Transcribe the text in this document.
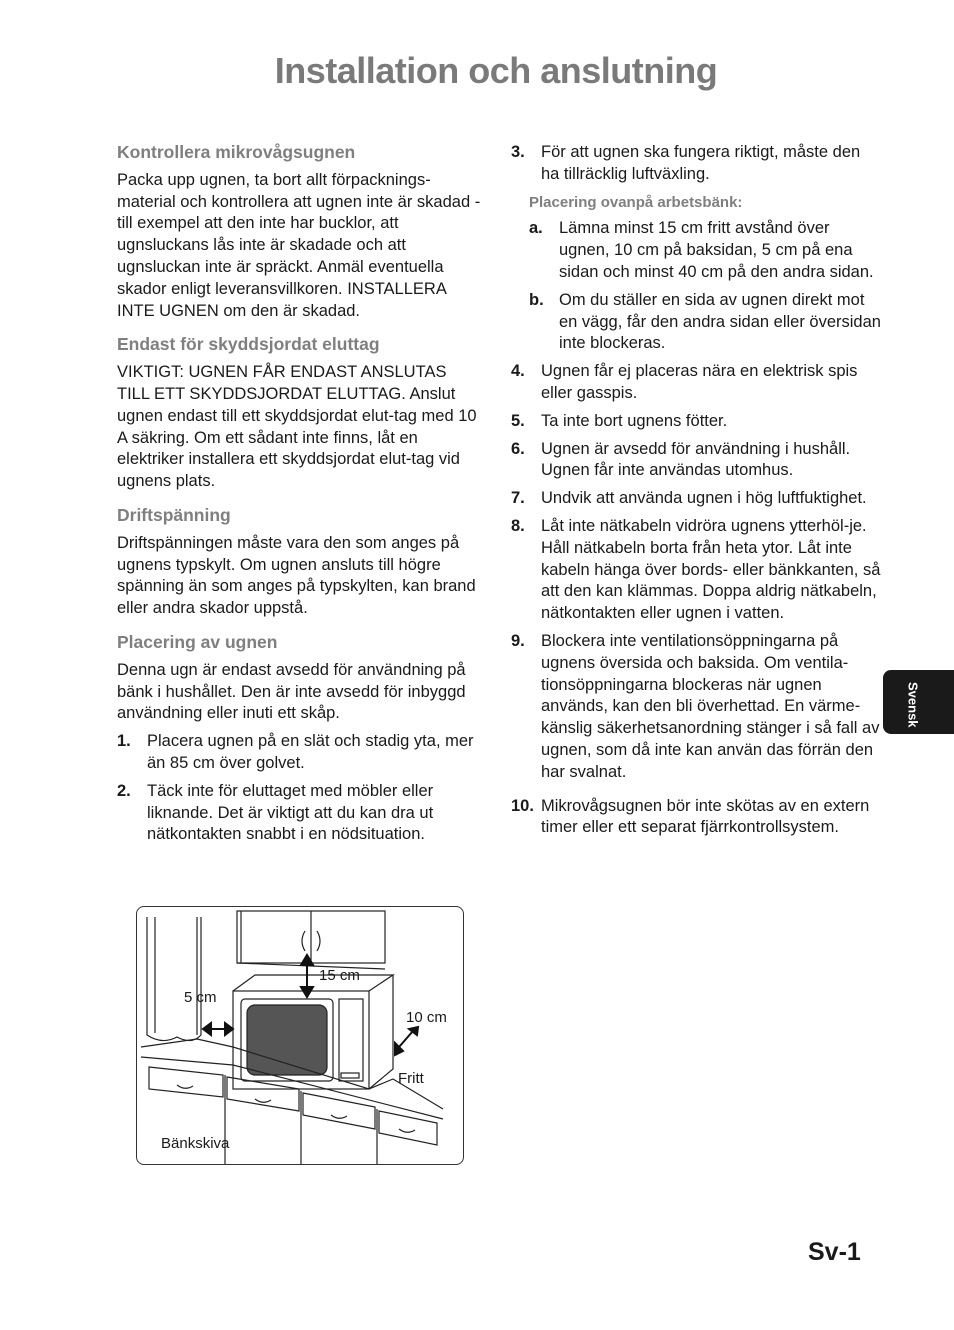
Installation och anslutning
Kontrollera mikrovågsugnen

Packa upp ugnen, ta bort allt förpacknings-material och kontrollera att ugnen inte är skadad - till exempel att den inte har bucklor, att ugnsluckans lås inte är skadade och att ugnsluckan inte är spräckt. Anmäl eventuella skador enligt leveransvillkoren. INSTALLERA INTE UGNEN om den är skadad.

Endast för skyddsjordat eluttag

VIKTIGT: UGNEN FÅR ENDAST ANSLUTAS TILL ETT SKYDDSJORDAT ELUTTAG. Anslut ugnen endast till ett skyddsjordat elut-tag med 10 A säkring. Om ett sådant inte finns, låt en elektriker installera ett skyddsjordat elut-tag vid ugnens plats.

Driftspänning

Driftspänningen måste vara den som anges på ugnens typskylt. Om ugnen ansluts till högre spänning än som anges på typskylten, kan brand eller andra skador uppstå.

Placering av ugnen

Denna ugn är endast avsedd för användning på bänk i hushållet. Den är inte avsedd för inbyggd användning eller inuti ett skåp.

1. Placera ugnen på en slät och stadig yta, mer än 85 cm över golvet.
2. Täck inte för eluttaget med möbler eller liknande. Det är viktigt att du kan dra ut nätkontakten snabbt i en nödsituation.
3. För att ugnen ska fungera riktigt, måste den ha tillräcklig luftväxling.
Placering ovanpå arbetsbänk:
a. Lämna minst 15 cm fritt avstånd över ugnen, 10 cm på baksidan, 5 cm på ena sidan och minst 40 cm på den andra sidan.
b. Om du ställer en sida av ugnen direkt mot en vägg, får den andra sidan eller översidan inte blockeras.
4. Ugnen får ej placeras nära en elektrisk spis eller gasspis.
5. Ta inte bort ugnens fötter.
6. Ugnen är avsedd för användning i hushåll. Ugnen får inte användas utomhus.
7. Undvik att använda ugnen i hög luftfuktighet.
8. Låt inte nätkabeln vidröra ugnens ytterhöl-je. Håll nätkabeln borta från heta ytor. Låt inte kabeln hänga över bords- eller bänkkanten, så att den kan klämmas. Doppa aldrig nätkabeln, nätkontakten eller ugnen i vatten.
9. Blockera inte ventilationsöppningarna på ugnens översida och baksida. Om ventila-tionsöppningarna blockeras när ugnen används, kan den bli överhettad. En värme-känslig säkerhetsanordning stänger i så fall av ugnen, som då inte kan använ das förrän den har svalnat.
10. Mikrovågsugnen bör inte skötas av en extern timer eller ett separat fjärrkontrollsystem.
15 cm
5 cm
10 cm
Fritt
Bänkskiva
Svensk
Sv-1
